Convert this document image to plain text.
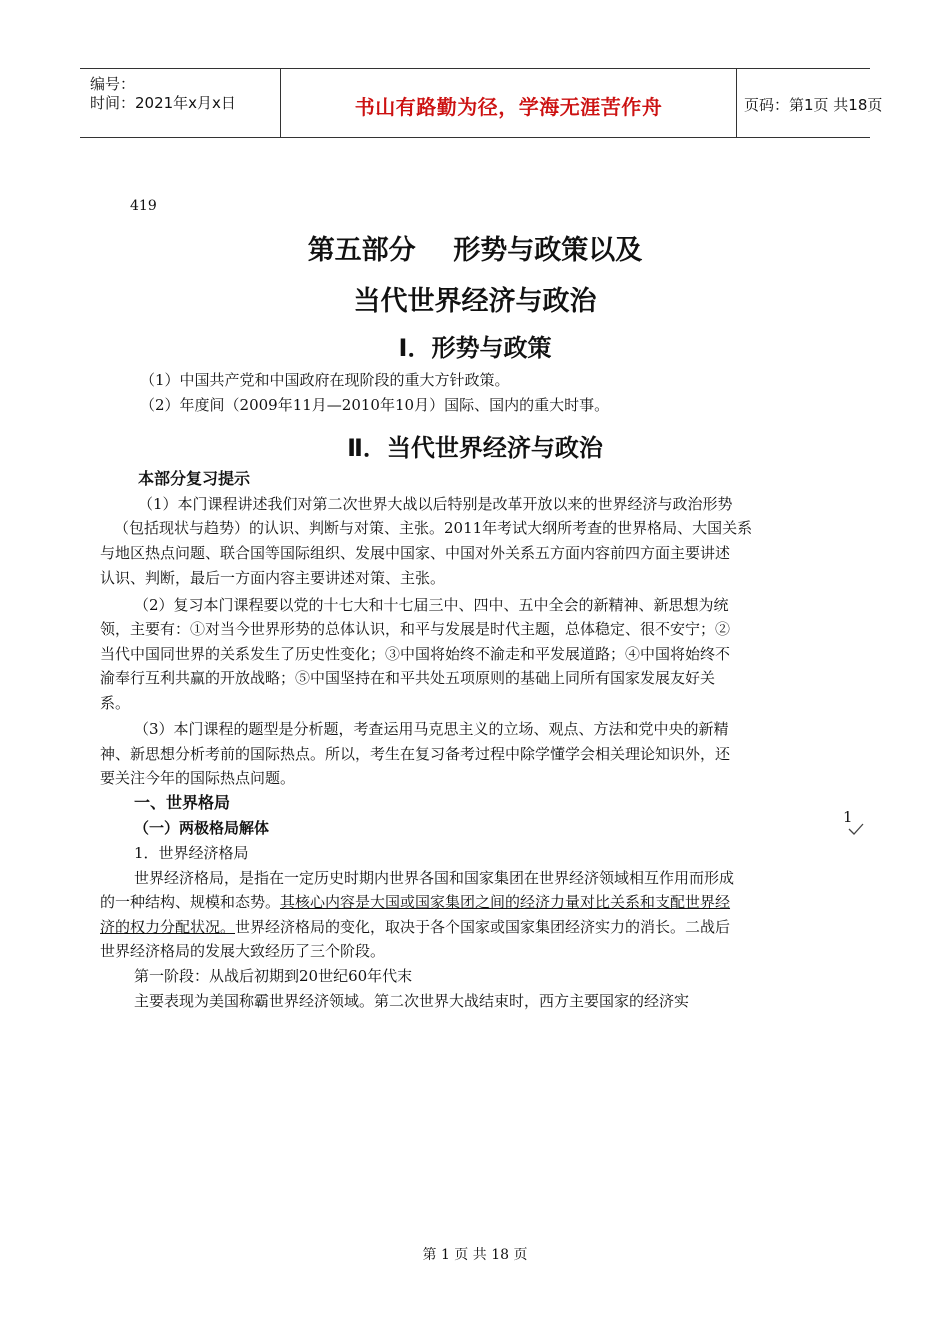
编号：
时间：2021年x月x日	书山有路勤为径，学海无涯苦作舟	页码：第1页 共18页
419
第五部分    形势与政策以及
当代世界经济与政治
Ⅰ．形势与政策
（1）中国共产党和中国政府在现阶段的重大方针政策。
（2）年度间（2009年11月—2010年10月）国际、国内的重大时事。
Ⅱ．当代世界经济与政治
本部分复习提示
（1）本门课程讲述我们对第二次世界大战以后特别是改革开放以来的世界经济与政治形势
（包括现状与趋势）的认识、判断与对策、主张。2011年考试大纲所考查的世界格局、大国关系
与地区热点问题、联合国等国际组织、发展中国家、中国对外关系五方面内容前四方面主要讲述
认识、判断，最后一方面内容主要讲述对策、主张。
（2）复习本门课程要以党的十七大和十七届三中、四中、五中全会的新精神、新思想为统
领，主要有：①对当今世界形势的总体认识，和平与发展是时代主题，总体稳定、很不安宁；②
当代中国同世界的关系发生了历史性变化；③中国将始终不渝走和平发展道路；④中国将始终不
渝奉行互利共赢的开放战略；⑤中国坚持在和平共处五项原则的基础上同所有国家发展友好关
系。
（3）本门课程的题型是分析题，考查运用马克思主义的立场、观点、方法和党中央的新精
神、新思想分析考前的国际热点。所以，考生在复习备考过程中除学懂学会相关理论知识外，还
要关注今年的国际热点问题。
一、世界格局
（一）两极格局解体
1．世界经济格局
世界经济格局，是指在一定历史时期内世界各国和国家集团在世界经济领域相互作用而形成
的一种结构、规模和态势。其核心内容是大国或国家集团之间的经济力量对比关系和支配世界经
济的权力分配状况。世界经济格局的变化，取决于各个国家或国家集团经济实力的消长。二战后
世界经济格局的发展大致经历了三个阶段。
第一阶段：从战后初期到20世纪60年代末
主要表现为美国称霸世界经济领域。第二次世界大战结束时，西方主要国家的经济实
1
第 1 页 共 18 页
